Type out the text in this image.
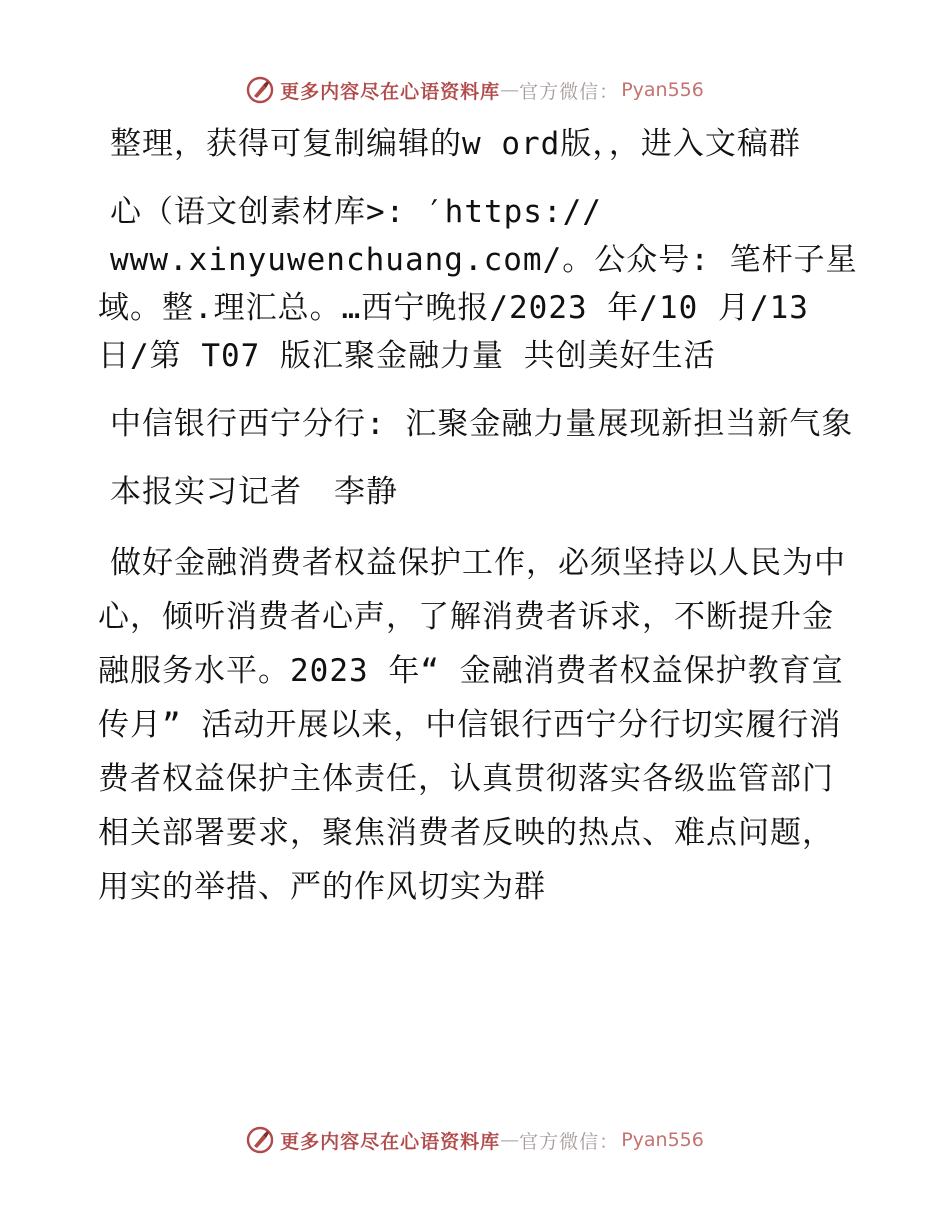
更多内容尽在心语资料库 — 官方微信： Pyan556

整理，获得可复制编辑的w ord版，，进入文稿群

心（语文创素材库>: ′https://

www.xinyuwenchuang.com/。公众号: 笔杆子星域。整.理汇总。…西宁晚报/2023 年/10 月/13 日/第 T07 版汇聚金融力量 共创美好生活

中信银行西宁分行: 汇聚金融力量展现新担当新气象

本报实习记者　李静

做好金融消费者权益保护工作，必须坚持以人民为中心，倾听消费者心声，了解消费者诉求，不断提升金融服务水平。2023 年“ 金融消费者权益保护教育宣传月” 活动开展以来，中信银行西宁分行切实履行消费者权益保护主体责任，认真贯彻落实各级监管部门相关部署要求，聚焦消费者反映的热点、难点问题，用实的举措、严的作风切实为群

更多内容尽在心语资料库 — 官方微信： Pyan556
